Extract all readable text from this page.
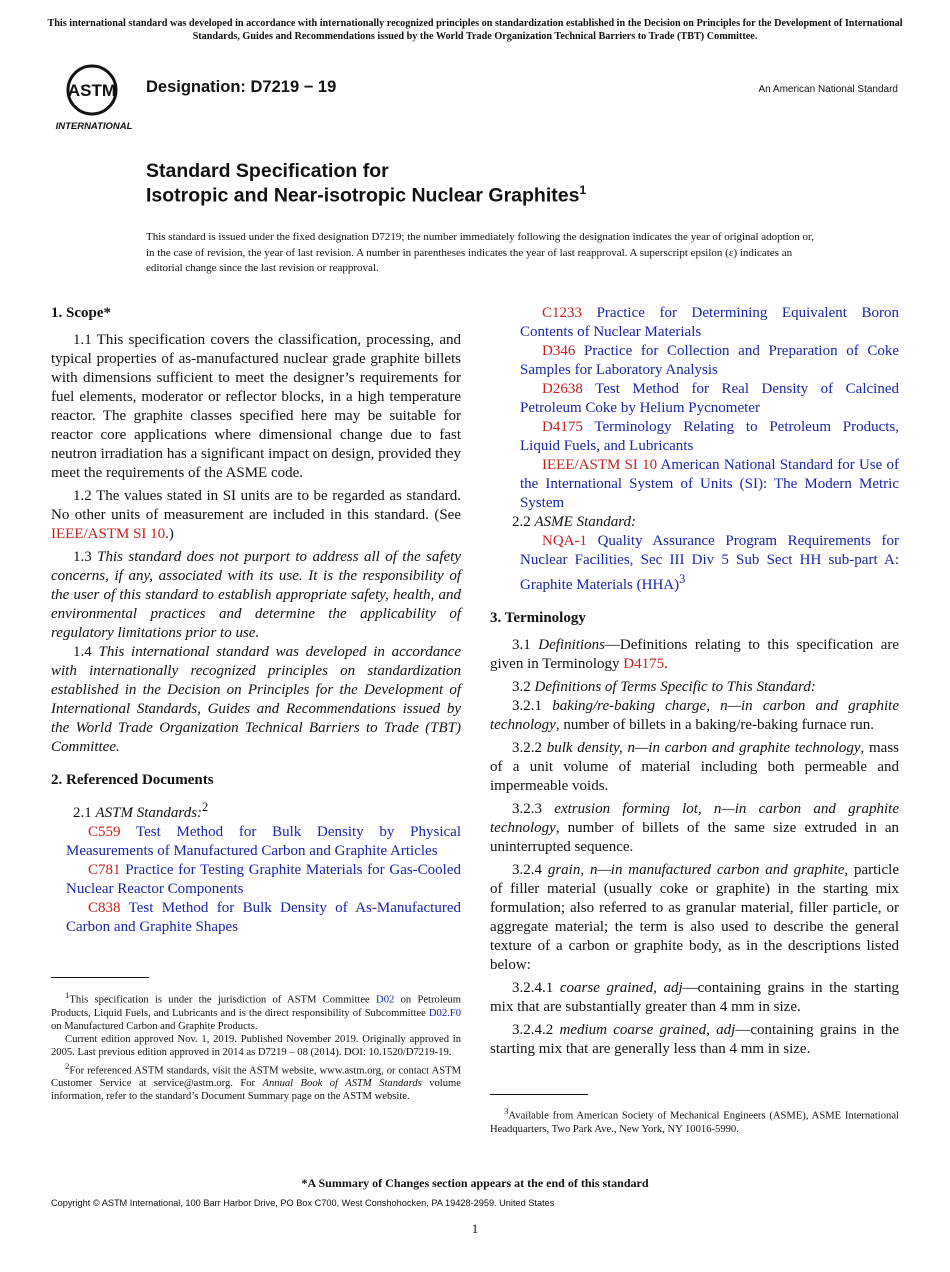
This international standard was developed in accordance with internationally recognized principles on standardization established in the Decision on Principles for the Development of International Standards, Guides and Recommendations issued by the World Trade Organization Technical Barriers to Trade (TBT) Committee.
ASTM
INTERNATIONAL
Designation: D7219 − 19	An American National Standard
Standard Specification for
Isotropic and Near-isotropic Nuclear Graphites$^1$
This standard is issued under the fixed designation D7219; the number immediately following the designation indicates the year of original adoption or, in the case of revision, the year of last revision. A number in parentheses indicates the year of last reapproval. A superscript epsilon (ε) indicates an editorial change since the last revision or reapproval.

1. Scope*

1.1 This specification covers the classification, processing, and typical properties of as-manufactured nuclear grade graphite billets with dimensions sufficient to meet the designer’s requirements for fuel elements, moderator or reflector blocks, in a high temperature reactor. The graphite classes specified here may be suitable for reactor core applications where dimensional change due to fast neutron irradiation has a significant impact on design, provided they meet the requirements of the ASME code.

1.2 The values stated in SI units are to be regarded as standard. No other units of measurement are included in this standard. (See IEEE/ASTM SI 10.)

1.3 This standard does not purport to address all of the safety concerns, if any, associated with its use. It is the responsibility of the user of this standard to establish appropriate safety, health, and environmental practices and determine the applicability of regulatory limitations prior to use.

1.4 This international standard was developed in accordance with internationally recognized principles on standardization established in the Decision on Principles for the Development of International Standards, Guides and Recommendations issued by the World Trade Organization Technical Barriers to Trade (TBT) Committee.

2. Referenced Documents

2.1 ASTM Standards:$^2$

C559 Test Method for Bulk Density by Physical Measurements of Manufactured Carbon and Graphite Articles

C781 Practice for Testing Graphite Materials for Gas-Cooled Nuclear Reactor Components

C838 Test Method for Bulk Density of As-Manufactured Carbon and Graphite Shapes

$^1$This specification is under the jurisdiction of ASTM Committee D02 on Petroleum Products, Liquid Fuels, and Lubricants and is the direct responsibility of Subcommittee D02.F0 on Manufactured Carbon and Graphite Products.

Current edition approved Nov. 1, 2019. Published November 2019. Originally approved in 2005. Last previous edition approved in 2014 as D7219 – 08 (2014). DOI: 10.1520/D7219-19.

$^2$For referenced ASTM standards, visit the ASTM website, www.astm.org, or contact ASTM Customer Service at service@astm.org. For Annual Book of ASTM Standards volume information, refer to the standard’s Document Summary page on the ASTM website.

C1233 Practice for Determining Equivalent Boron Contents of Nuclear Materials

D346 Practice for Collection and Preparation of Coke Samples for Laboratory Analysis

D2638 Test Method for Real Density of Calcined Petroleum Coke by Helium Pycnometer

D4175 Terminology Relating to Petroleum Products, Liquid Fuels, and Lubricants

IEEE/ASTM SI 10 American National Standard for Use of the International System of Units (SI): The Modern Metric System

2.2 ASME Standard:

NQA-1 Quality Assurance Program Requirements for Nuclear Facilities, Sec III Div 5 Sub Sect HH sub-part A: Graphite Materials (HHA)$^3$

3. Terminology

3.1 Definitions—Definitions relating to this specification are given in Terminology D4175.

3.2 Definitions of Terms Specific to This Standard:

3.2.1 baking/re-baking charge, n—in carbon and graphite technology, number of billets in a baking/re-baking furnace run.

3.2.2 bulk density, n—in carbon and graphite technology, mass of a unit volume of material including both permeable and impermeable voids.

3.2.3 extrusion forming lot, n—in carbon and graphite technology, number of billets of the same size extruded in an uninterrupted sequence.

3.2.4 grain, n—in manufactured carbon and graphite, particle of filler material (usually coke or graphite) in the starting mix formulation; also referred to as granular material, filler particle, or aggregate material; the term is also used to describe the general texture of a carbon or graphite body, as in the descriptions listed below:

3.2.4.1 coarse grained, adj—containing grains in the starting mix that are substantially greater than 4 mm in size.

3.2.4.2 medium coarse grained, adj—containing grains in the starting mix that are generally less than 4 mm in size.

$^3$Available from American Society of Mechanical Engineers (ASME), ASME International Headquarters, Two Park Ave., New York, NY 10016-5990.

*A Summary of Changes section appears at the end of this standard
Copyright © ASTM International, 100 Barr Harbor Drive, PO Box C700, West Conshohocken, PA 19428-2959. United States
1
